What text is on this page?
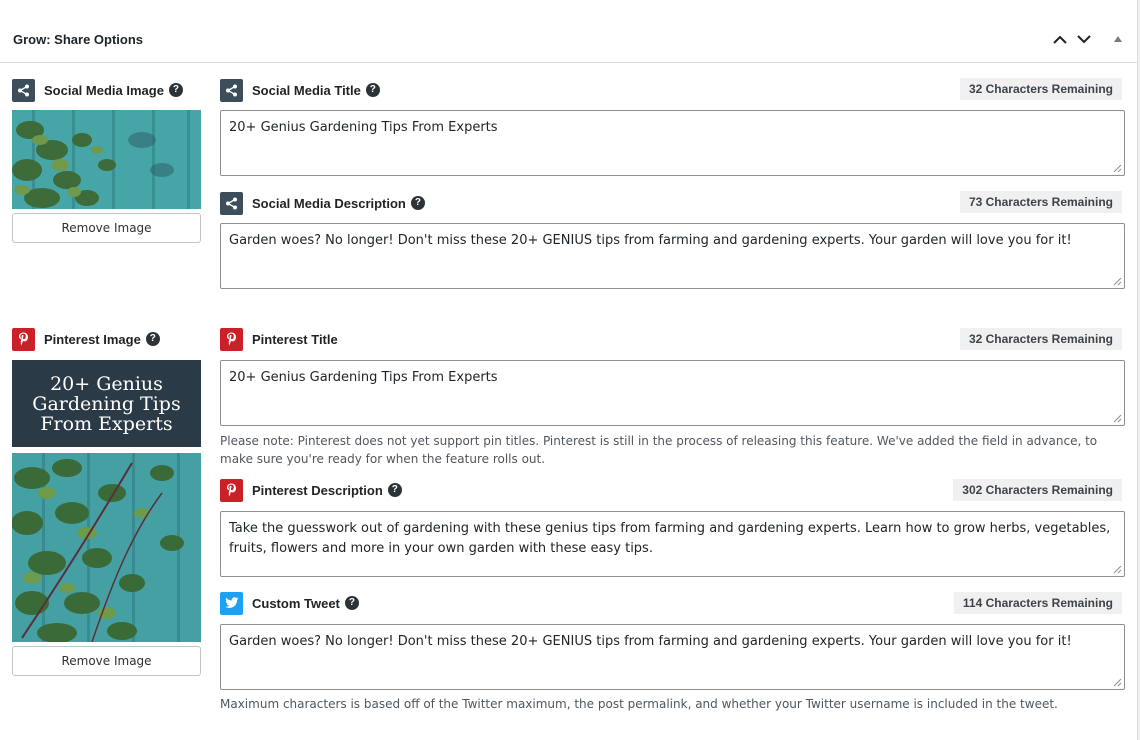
Grow: Share Options
Social Media Image ?
Remove Image
Social Media Title ?	32 Characters Remaining
20+ Genius Gardening Tips From Experts
Social Media Description ?	73 Characters Remaining
Garden woes? No longer! Don't miss these 20+ GENIUS tips from farming and gardening experts. Your garden will love you for it!
Pinterest Image ?
20+ Genius
Gardening Tips
From Experts
Remove Image
Pinterest Title	32 Characters Remaining
20+ Genius Gardening Tips From Experts
Please note: Pinterest does not yet support pin titles. Pinterest is still in the process of releasing this feature. We've added the field in advance, to make sure you're ready for when the feature rolls out.
Pinterest Description ?	302 Characters Remaining
Take the guesswork out of gardening with these genius tips from farming and gardening experts. Learn how to grow herbs, vegetables, fruits, flowers and more in your own garden with these easy tips.
Custom Tweet ?	114 Characters Remaining
Garden woes? No longer! Don't miss these 20+ GENIUS tips from farming and gardening experts. Your garden will love you for it!
Maximum characters is based off of the Twitter maximum, the post permalink, and whether your Twitter username is included in the tweet.
